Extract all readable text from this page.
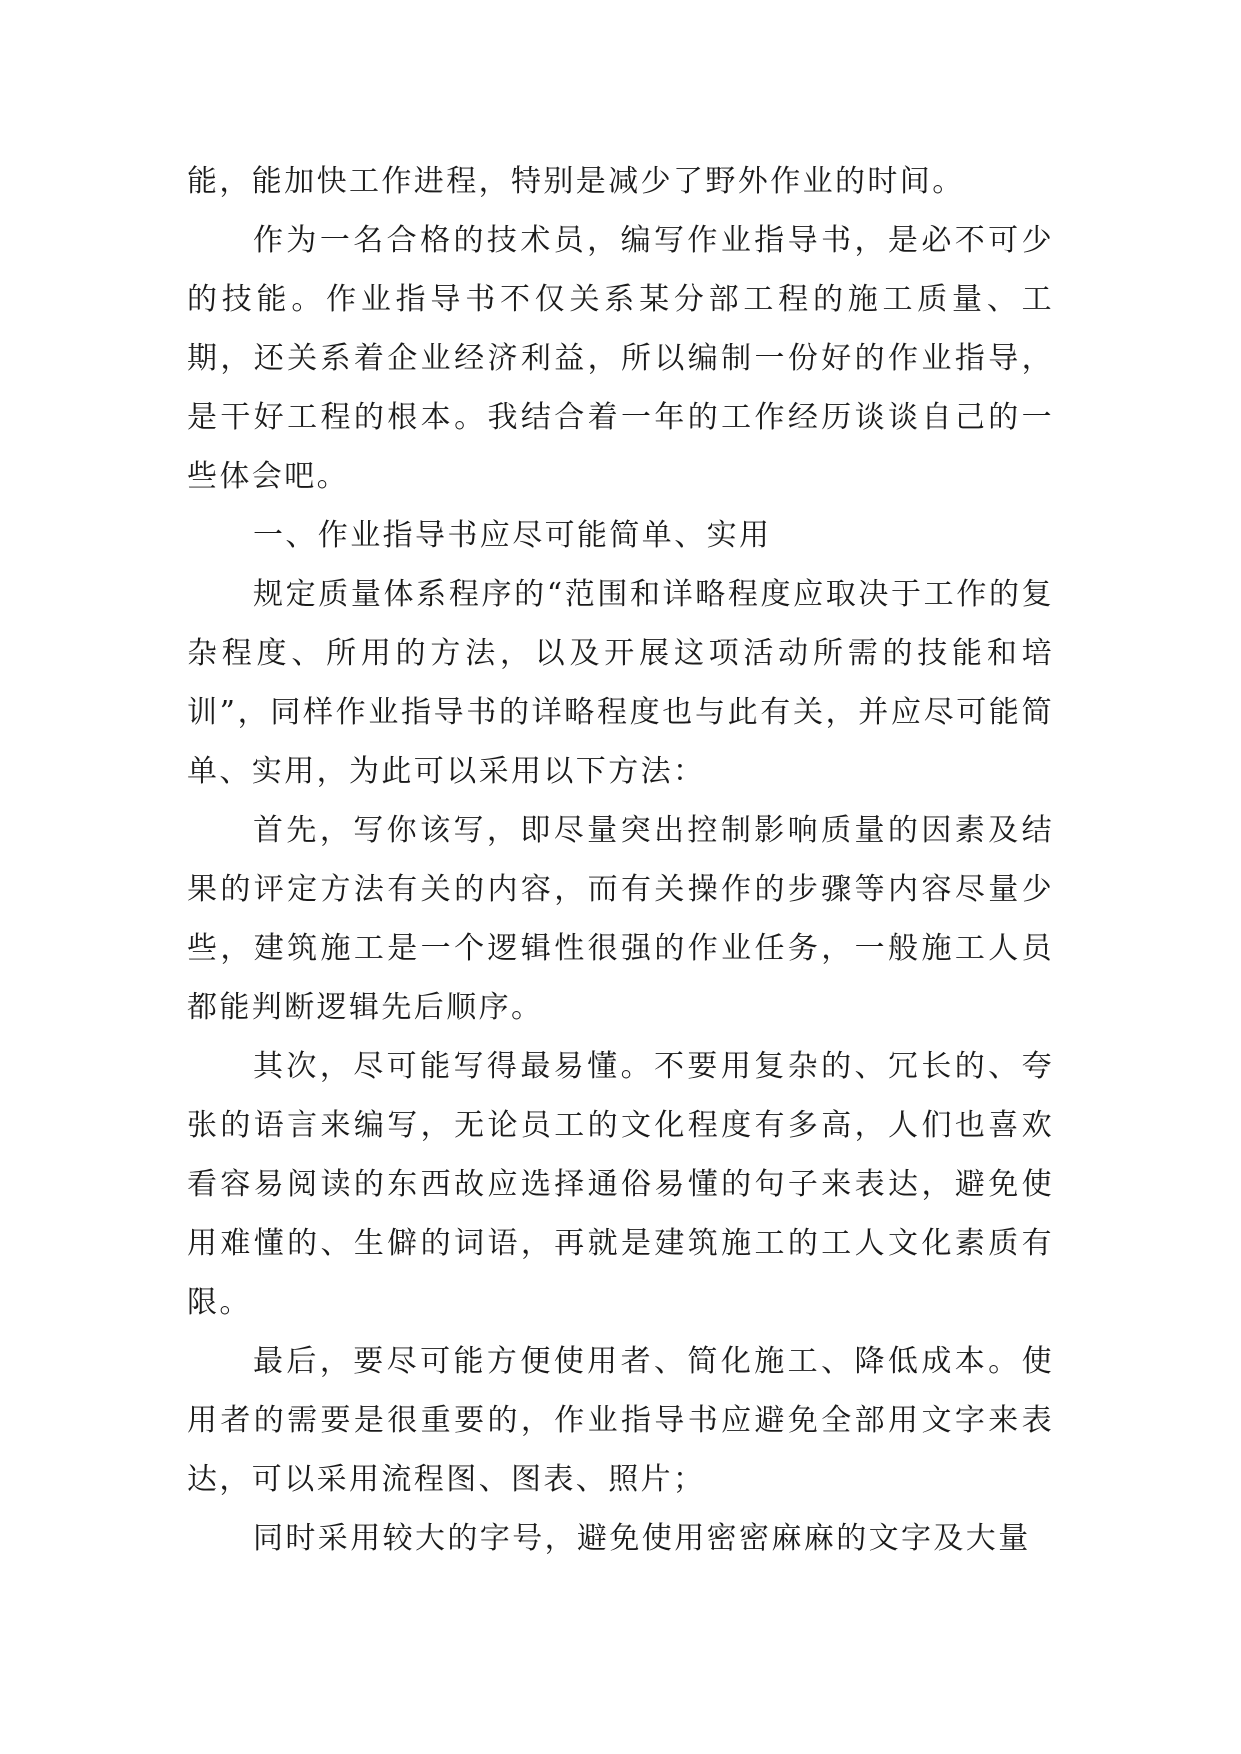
能，能加快工作进程，特别是减少了野外作业的时间。

作为一名合格的技术员，编写作业指导书，是必不可少的技能。作业指导书不仅关系某分部工程的施工质量、工期，还关系着企业经济利益，所以编制一份好的作业指导，是干好工程的根本。我结合着一年的工作经历谈谈自己的一些体会吧。

一、作业指导书应尽可能简单、实用

规定质量体系程序的“范围和详略程度应取决于工作的复杂程度、所用的方法，以及开展这项活动所需的技能和培训”，同样作业指导书的详略程度也与此有关，并应尽可能简单、实用，为此可以采用以下方法：

首先，写你该写，即尽量突出控制影响质量的因素及结果的评定方法有关的内容，而有关操作的步骤等内容尽量少些，建筑施工是一个逻辑性很强的作业任务，一般施工人员都能判断逻辑先后顺序。

其次，尽可能写得最易懂。不要用复杂的、冗长的、夸张的语言来编写，无论员工的文化程度有多高，人们也喜欢看容易阅读的东西故应选择通俗易懂的句子来表达，避免使用难懂的、生僻的词语，再就是建筑施工的工人文化素质有限。

最后，要尽可能方便使用者、简化施工、降低成本。使用者的需要是很重要的，作业指导书应避免全部用文字来表达，可以采用流程图、图表、照片；

同时采用较大的字号，避免使用密密麻麻的文字及大量
